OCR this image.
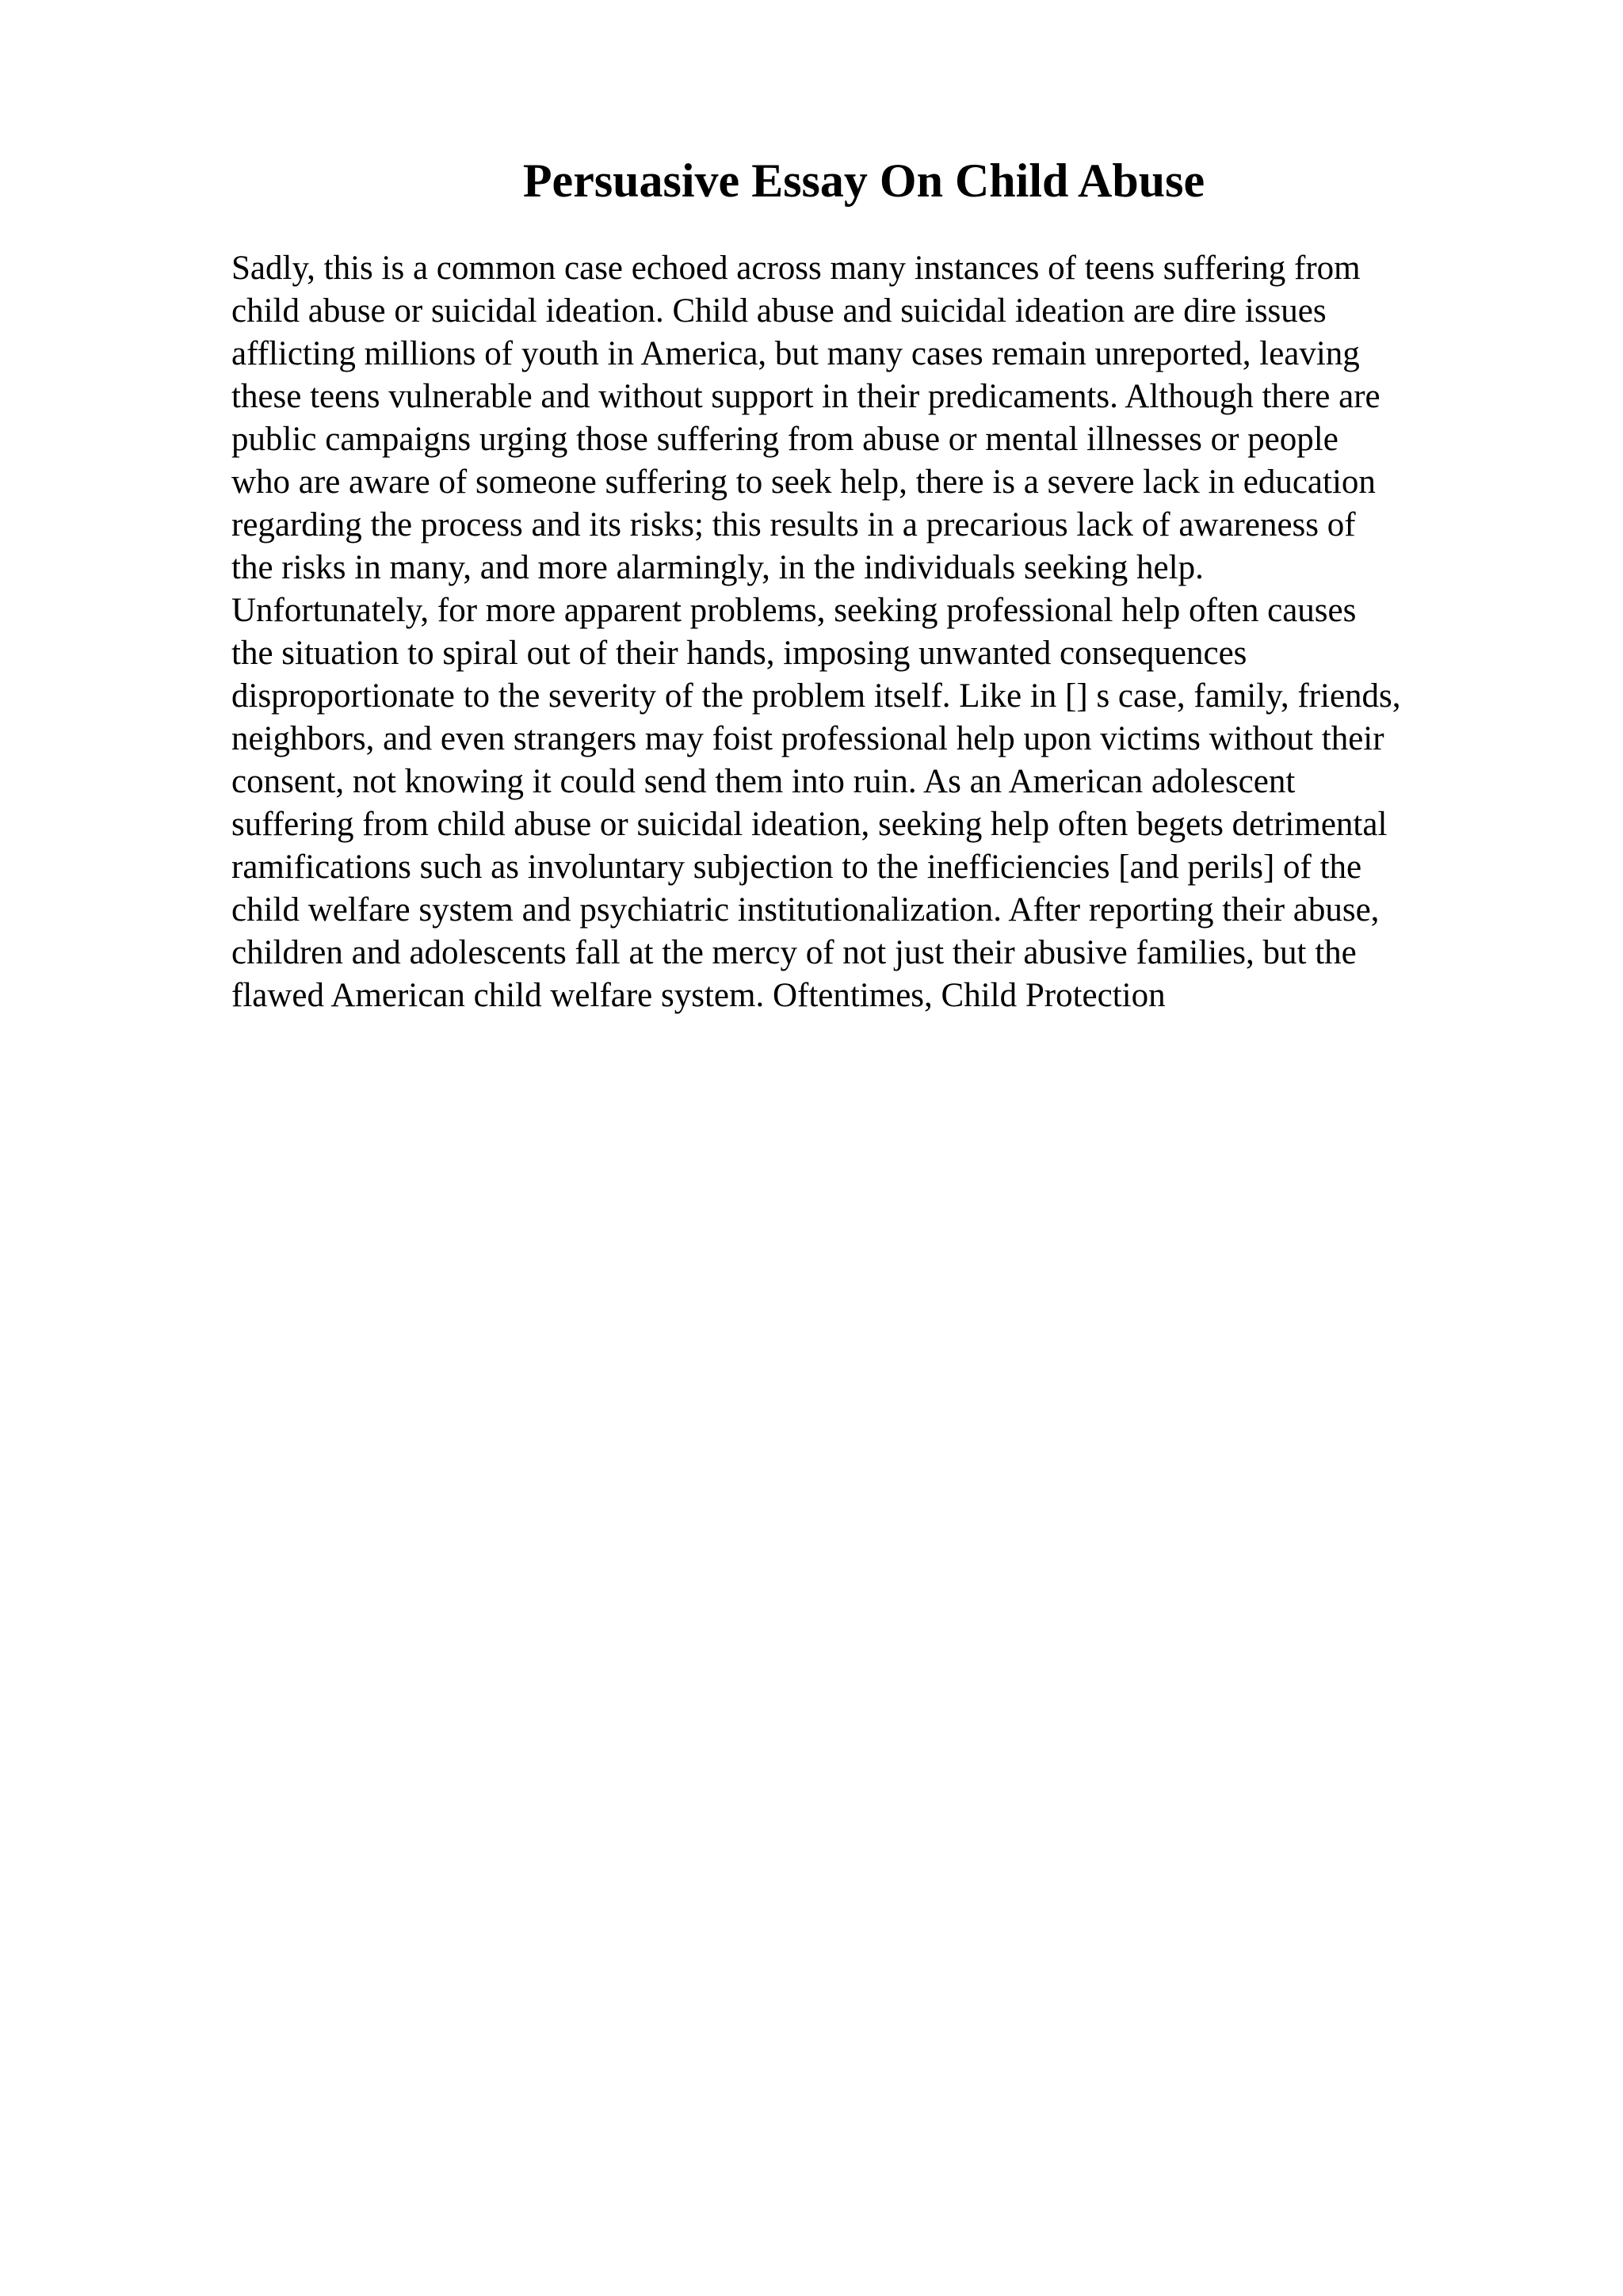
Persuasive Essay On Child Abuse
Sadly, this is a common case echoed across many instances of teens suffering from
child abuse or suicidal ideation. Child abuse and suicidal ideation are dire issues
afflicting millions of youth in America, but many cases remain unreported, leaving
these teens vulnerable and without support in their predicaments. Although there are
public campaigns urging those suffering from abuse or mental illnesses or people
who are aware of someone suffering to seek help, there is a severe lack in education
regarding the process and its risks; this results in a precarious lack of awareness of
the risks in many, and more alarmingly, in the individuals seeking help.
Unfortunately, for more apparent problems, seeking professional help often causes
the situation to spiral out of their hands, imposing unwanted consequences
disproportionate to the severity of the problem itself. Like in [] s case, family, friends,
neighbors, and even strangers may foist professional help upon victims without their
consent, not knowing it could send them into ruin. As an American adolescent
suffering from child abuse or suicidal ideation, seeking help often begets detrimental
ramifications such as involuntary subjection to the inefficiencies [and perils] of the
child welfare system and psychiatric institutionalization. After reporting their abuse,
children and adolescents fall at the mercy of not just their abusive families, but the
flawed American child welfare system. Oftentimes, Child Protection
